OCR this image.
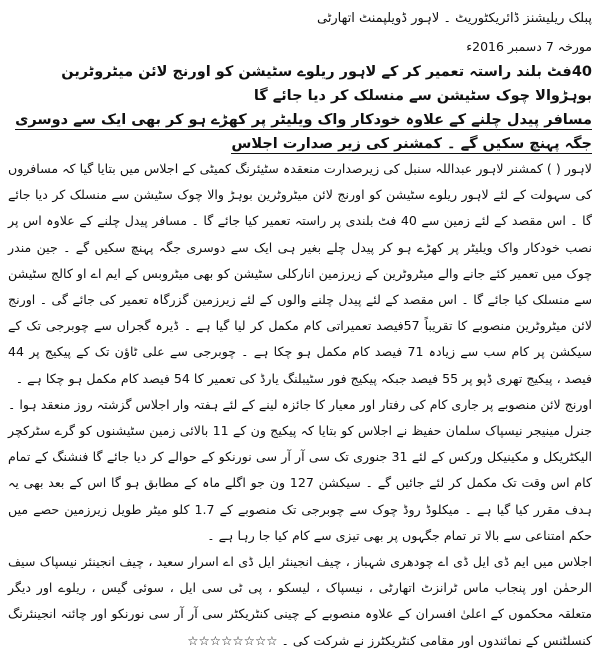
پبلک ریلیشنز ڈائریکٹوریٹ ۔ لاہور ڈویلپمنٹ اتھارٹی
مورخہ 7 دسمبر 2016ء
40فٹ بلند راستہ تعمیر کر کے لاہور ریلوے سٹیشن کو اورنج لائن میٹروٹرین بوہڑوالا چوک سٹیشن سے منسلک کر دیا جائے گا
مسافر پیدل چلنے کے علاوہ خودکار واک ویلیٹر پر کھڑے ہو کر بھی ایک سے دوسری جگہ پہنچ سکیں گے ۔ کمشنر کی زیر صدارت اجلاس

لاہور ( ) کمشنر لاہور عبداللہ سنبل کی زیرصدارت منعقدہ سٹیئرنگ کمیٹی کے اجلاس میں بتایا گیا کہ مسافروں کی سہولت کے لئے لاہور ریلوے سٹیشن کو اورنج لائن میٹروٹرین بوہڑ والا چوک سٹیشن سے منسلک کر دیا جائے گا ۔ اس مقصد کے لئے زمین سے 40 فٹ بلندی پر راستہ تعمیر کیا جائے گا ۔ مسافر پیدل چلنے کے علاوہ اس پر نصب خودکار واک ویلیٹر پر کھڑے ہو کر پیدل چلے بغیر ہی ایک سے دوسری جگہ پہنچ سکیں گے ۔ جین مندر چوک میں تعمیر کئے جانے والے میٹروٹرین کے زیرزمین انارکلی سٹیشن کو بھی میٹروبس کے ایم اے او کالج سٹیشن سے منسلک کیا جائے گا ۔ اس مقصد کے لئے پیدل چلنے والوں کے لئے زیرزمین گزرگاہ تعمیر کی جائے گی ۔ اورنج لائن میٹروٹرین منصوبے کا تقریباً 57فیصد تعمیراتی کام مکمل کر لیا گیا ہے ۔ ڈیرہ گجراں سے چوبرجی تک کے سیکشن پر کام سب سے زیادہ 71 فیصد کام مکمل ہو چکا ہے ۔ چوبرجی سے علی ٹاؤن تک کے پیکیج پر 44 فیصد ، پیکیج تھری ڈپو پر 55 فیصد جبکہ پیکیج فور سٹیبلنگ یارڈ کی تعمیر کا 54 فیصد کام مکمل ہو چکا ہے ۔

اورنج لائن منصوبے پر جاری کام کی رفتار اور معیار کا جائزہ لینے کے لئے ہفتہ وار اجلاس گزشتہ روز منعقد ہوا ۔ جنرل مینیجر نیسپاک سلمان حفیظ نے اجلاس کو بتایا کہ پیکیج ون کے 11 بالائی زمین سٹیشنوں کو گرے سٹرکچر الیکٹریکل و مکینیکل ورکس کے لئے 31 جنوری تک سی آر آر سی نورنکو کے حوالے کر دیا جائے گا فنشنگ کے تمام کام اس وقت تک مکمل کر لئے جائیں گے ۔ سیکشن 127 ون جو اگلے ماہ کے مطابق ہو گا اس کے بعد بھی یہ ہدف مقرر کیا گیا ہے ۔ میکلوڈ روڈ چوک سے چوبرجی تک منصوبے کے 1.7 کلو میٹر طویل زیرزمین حصے میں حکم امتناعی سے بالا تر تمام جگہوں پر بھی تیزی سے کام کیا جا رہا ہے ۔

اجلاس میں ایم ڈی ایل ڈی اے چودھری شہباز ، چیف انجینئر ایل ڈی اے اسرار سعید ، چیف انجینئر نیسپاک سیف الرحمٰن اور پنجاب ماس ٹرانزٹ اتھارٹی ، نیسپاک ، لیسکو ، پی ٹی سی ایل ، سوئی گیس ، ریلوے اور دیگر متعلقہ محکموں کے اعلیٰ افسران کے علاوہ منصوبے کے چینی کنٹریکٹر سی آر آر سی نورنکو اور چائنہ انجینئرنگ کنسلٹنس کے نمائندوں اور مقامی کنٹریکٹرز نے شرکت کی ۔ ☆☆☆☆☆☆☆☆
